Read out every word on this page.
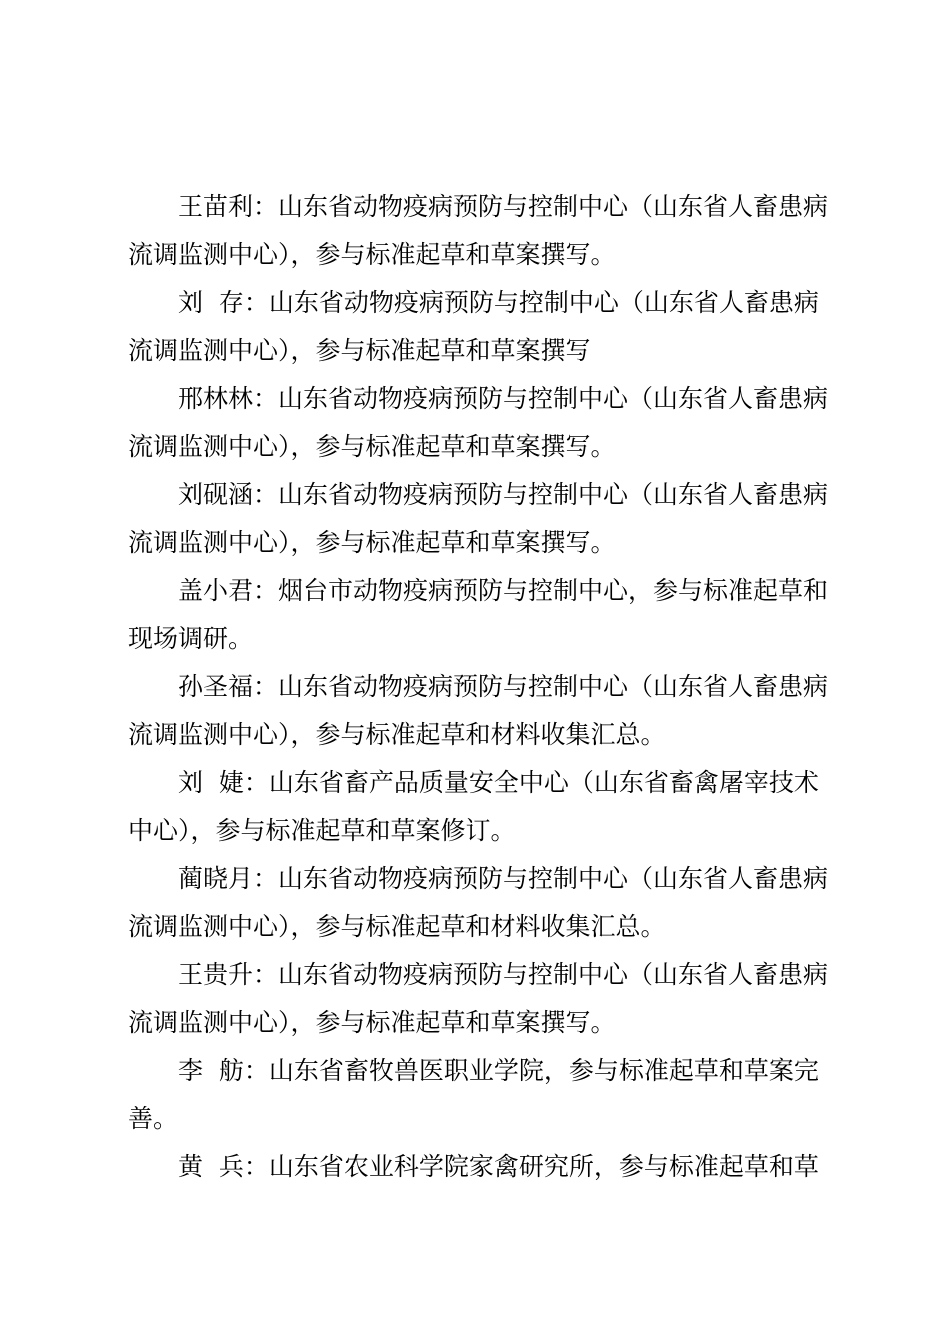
王苗利：山东省动物疫病预防与控制中心（山东省人畜患病
流调监测中心），参与标准起草和草案撰写。
刘  存：山东省动物疫病预防与控制中心（山东省人畜患病
流调监测中心），参与标准起草和草案撰写
邢林林：山东省动物疫病预防与控制中心（山东省人畜患病
流调监测中心），参与标准起草和草案撰写。
刘砚涵：山东省动物疫病预防与控制中心（山东省人畜患病
流调监测中心），参与标准起草和草案撰写。
盖小君：烟台市动物疫病预防与控制中心，参与标准起草和
现场调研。
孙圣福：山东省动物疫病预防与控制中心（山东省人畜患病
流调监测中心），参与标准起草和材料收集汇总。
刘  婕：山东省畜产品质量安全中心（山东省畜禽屠宰技术
中心），参与标准起草和草案修订。
蔺晓月：山东省动物疫病预防与控制中心（山东省人畜患病
流调监测中心），参与标准起草和材料收集汇总。
王贵升：山东省动物疫病预防与控制中心（山东省人畜患病
流调监测中心），参与标准起草和草案撰写。
李  舫：山东省畜牧兽医职业学院，参与标准起草和草案完
善。
黄  兵：山东省农业科学院家禽研究所，参与标准起草和草
